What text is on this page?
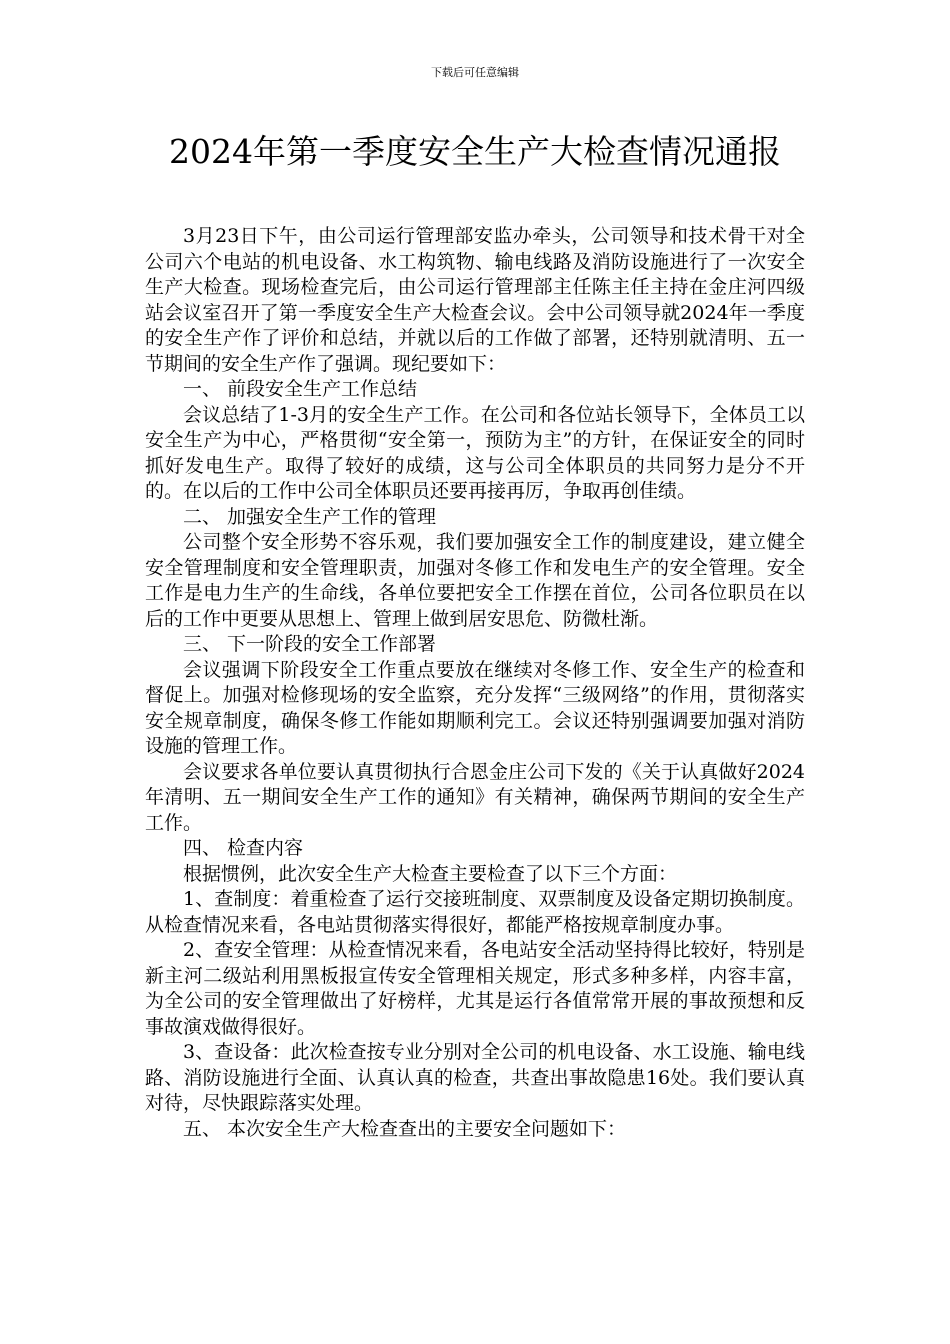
下载后可任意编辑
2024年第一季度安全生产大检查情况通报

3月23日下午，由公司运行管理部安监办牵头，公司领导和技术骨干对全公司六个电站的机电设备、水工构筑物、输电线路及消防设施进行了一次安全生产大检查。现场检查完后，由公司运行管理部主任陈主任主持在金庄河四级站会议室召开了第一季度安全生产大检查会议。会中公司领导就2024年一季度的安全生产作了评价和总结，并就以后的工作做了部署，还特别就清明、五一节期间的安全生产作了强调。现纪要如下：

一、 前段安全生产工作总结

会议总结了1-3月的安全生产工作。在公司和各位站长领导下，全体员工以安全生产为中心，严格贯彻“安全第一，预防为主”的方针，在保证安全的同时抓好发电生产。取得了较好的成绩，这与公司全体职员的共同努力是分不开的。在以后的工作中公司全体职员还要再接再厉，争取再创佳绩。

二、 加强安全生产工作的管理

公司整个安全形势不容乐观，我们要加强安全工作的制度建设，建立健全安全管理制度和安全管理职责，加强对冬修工作和发电生产的安全管理。安全工作是电力生产的生命线，各单位要把安全工作摆在首位，公司各位职员在以后的工作中更要从思想上、管理上做到居安思危、防微杜渐。

三、 下一阶段的安全工作部署

会议强调下阶段安全工作重点要放在继续对冬修工作、安全生产的检查和督促上。加强对检修现场的安全监察，充分发挥“三级网络”的作用，贯彻落实安全规章制度，确保冬修工作能如期顺利完工。会议还特别强调要加强对消防设施的管理工作。

会议要求各单位要认真贯彻执行合恩金庄公司下发的《关于认真做好2024年清明、五一期间安全生产工作的通知》有关精神，确保两节期间的安全生产工作。

四、 检查内容

根据惯例，此次安全生产大检查主要检查了以下三个方面：

1、查制度：着重检查了运行交接班制度、双票制度及设备定期切换制度。从检查情况来看，各电站贯彻落实得很好，都能严格按规章制度办事。

2、查安全管理：从检查情况来看，各电站安全活动坚持得比较好，特别是新主河二级站利用黑板报宣传安全管理相关规定，形式多种多样，内容丰富，为全公司的安全管理做出了好榜样，尤其是运行各值常常开展的事故预想和反事故演戏做得很好。

3、查设备：此次检查按专业分别对全公司的机电设备、水工设施、输电线路、消防设施进行全面、认真认真的检查，共查出事故隐患16处。我们要认真对待，尽快跟踪落实处理。

五、 本次安全生产大检查查出的主要安全问题如下：
